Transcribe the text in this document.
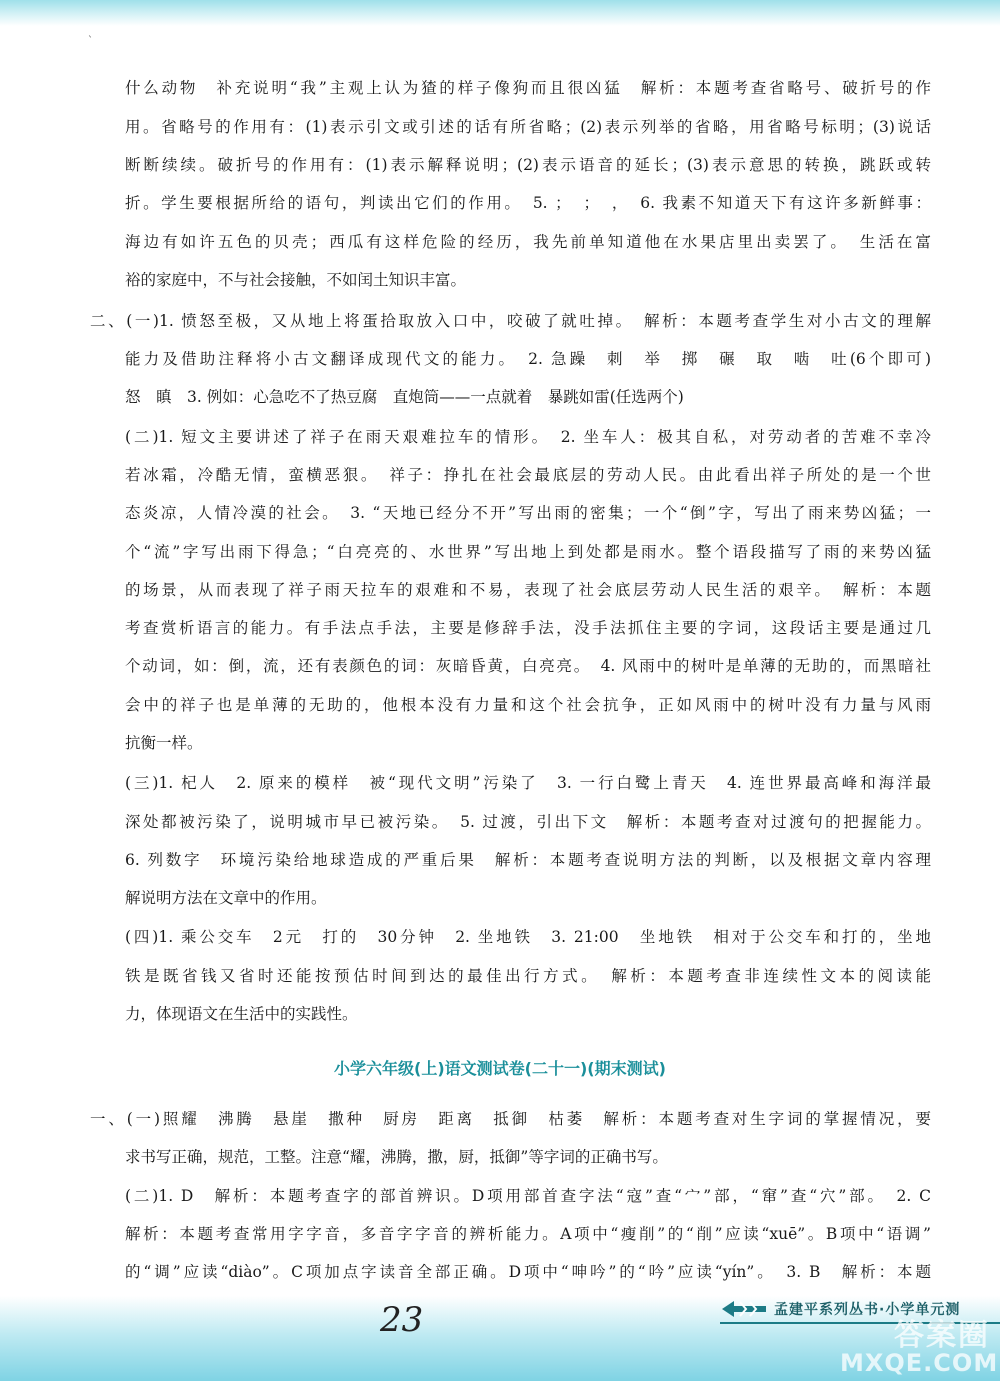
ˋ
什么动物　补充说明“我”主观上认为猹的样子像狗而且很凶猛　解析：本题考查省略号、破折号的作
用。省略号的作用有：(1)表示引文或引述的话有所省略；(2)表示列举的省略，用省略号标明；(3)说话
断断续续。破折号的作用有：(1)表示解释说明；(2)表示语音的延长；(3)表示意思的转换，跳跃或转
折。学生要根据所给的语句，判读出它们的作用。　5. ；　；　，　6. 我素不知道天下有这许多新鲜事：
海边有如许五色的贝壳；西瓜有这样危险的经历，我先前单知道他在水果店里出卖罢了。　生活在富
裕的家庭中，不与社会接触，不如闰土知识丰富。
二、(一)1. 愤怒至极，又从地上将蛋拾取放入口中，咬破了就吐掉。　解析：本题考查学生对小古文的理解
能力及借助注释将小古文翻译成现代文的能力。　2. 急躁　刺　举　掷　碾　取　啮　吐(6个即可)
怒　瞋　3. 例如：心急吃不了热豆腐　直炮筒——一点就着　暴跳如雷(任选两个)
(二)1. 短文主要讲述了祥子在雨天艰难拉车的情形。　2. 坐车人：极其自私，对劳动者的苦难不幸冷
若冰霜，冷酷无情，蛮横恶狠。　祥子：挣扎在社会最底层的劳动人民。由此看出祥子所处的是一个世
态炎凉，人情冷漠的社会。　3. “天地已经分不开”写出雨的密集；一个“倒”字，写出了雨来势凶猛；一
个“流”字写出雨下得急；“白亮亮的、水世界”写出地上到处都是雨水。整个语段描写了雨的来势凶猛
的场景，从而表现了祥子雨天拉车的艰难和不易，表现了社会底层劳动人民生活的艰辛。　解析：本题
考查赏析语言的能力。有手法点手法，主要是修辞手法，没手法抓住主要的字词，这段话主要是通过几
个动词，如：倒，流，还有表颜色的词：灰暗昏黄，白亮亮。　4. 风雨中的树叶是单薄的无助的，而黑暗社
会中的祥子也是单薄的无助的，他根本没有力量和这个社会抗争，正如风雨中的树叶没有力量与风雨
抗衡一样。
(三)1. 杞人　2. 原来的模样　被“现代文明”污染了　3. 一行白鹭上青天　4. 连世界最高峰和海洋最
深处都被污染了，说明城市早已被污染。　5. 过渡，引出下文　解析：本题考查对过渡句的把握能力。
6. 列数字　环境污染给地球造成的严重后果　解析：本题考查说明方法的判断，以及根据文章内容理
解说明方法在文章中的作用。
(四)1. 乘公交车　2元　打的　30分钟　2. 坐地铁　3. 21:00　坐地铁　相对于公交车和打的，坐地
铁是既省钱又省时还能按预估时间到达的最佳出行方式。　解析：本题考查非连续性文本的阅读能
力，体现语文在生活中的实践性。
小学六年级(上)语文测试卷(二十一)(期末测试)
一、(一)照耀　沸腾　悬崖　撒种　厨房　距离　抵御　枯萎　解析：本题考查对生字词的掌握情况，要
求书写正确，规范，工整。注意“耀，沸腾，撒，厨，抵御”等字词的正确书写。
(二)1. D　解析：本题考查字的部首辨识。D项用部首查字法“寇”查“宀”部，“窜”查“穴”部。　2. C
解析：本题考查常用字字音，多音字字音的辨析能力。A项中“瘦削”的“削”应读“xuē”。B项中“语调”
的“调”应读“diào”。C项加点字读音全部正确。D项中“呻吟”的“吟”应读“yín”。　3. B　解析：本题
23	孟建平系列丛书·小学单元测
答案圈
MXQE.COM
